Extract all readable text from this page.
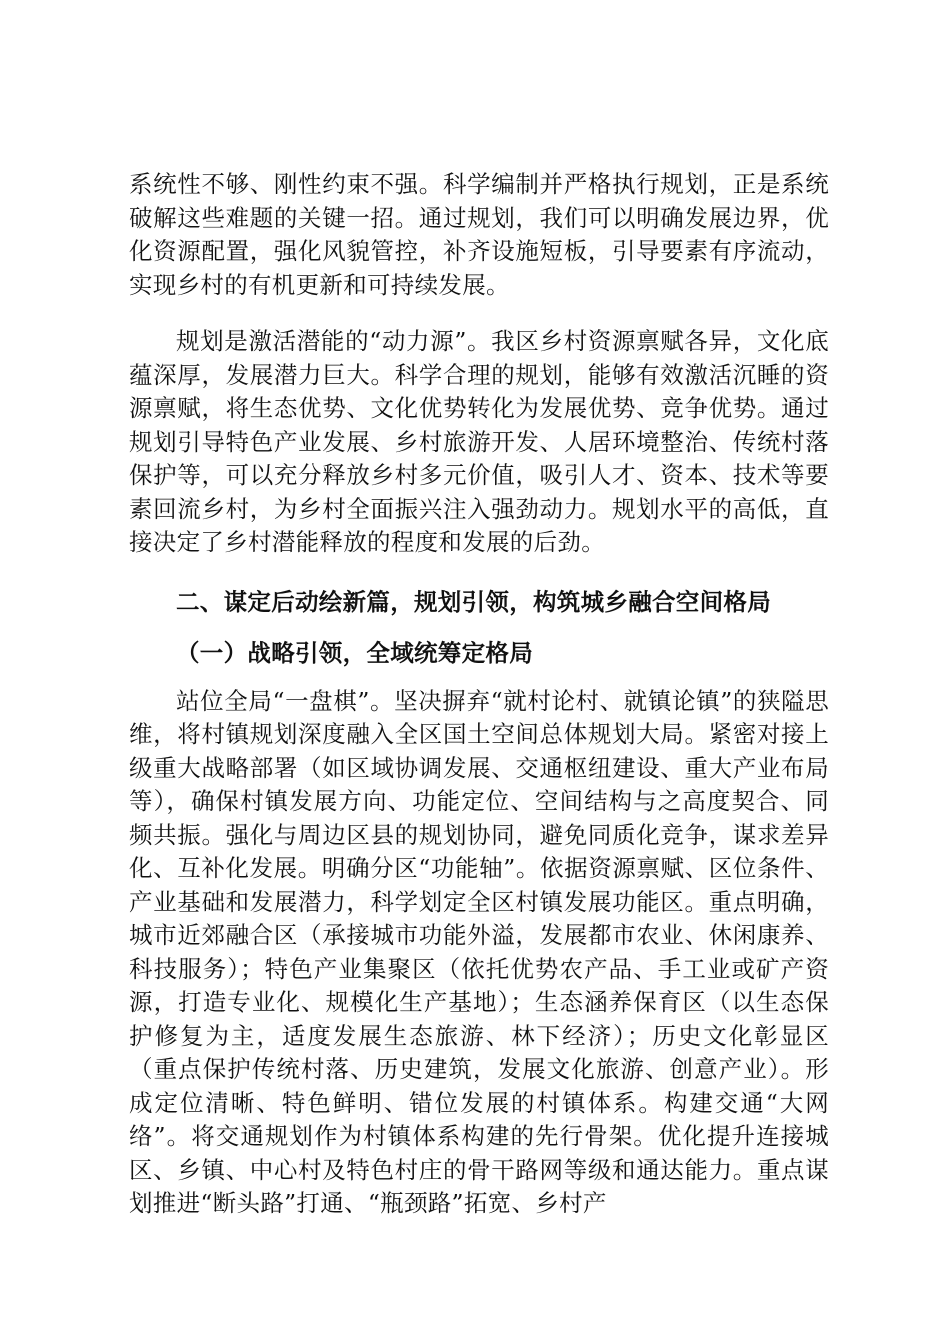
系统性不够、刚性约束不强。科学编制并严格执行规划，正是系统破解这些难题的关键一招。通过规划，我们可以明确发展边界，优化资源配置，强化风貌管控，补齐设施短板，引导要素有序流动，实现乡村的有机更新和可持续发展。

规划是激活潜能的“动力源”。我区乡村资源禀赋各异，文化底蕴深厚，发展潜力巨大。科学合理的规划，能够有效激活沉睡的资源禀赋，将生态优势、文化优势转化为发展优势、竞争优势。通过规划引导特色产业发展、乡村旅游开发、人居环境整治、传统村落保护等，可以充分释放乡村多元价值，吸引人才、资本、技术等要素回流乡村，为乡村全面振兴注入强劲动力。规划水平的高低，直接决定了乡村潜能释放的程度和发展的后劲。

二、谋定后动绘新篇，规划引领，构筑城乡融合空间格局
（一）战略引领，全域统筹定格局

站位全局“一盘棋”。坚决摒弃“就村论村、就镇论镇”的狭隘思维，将村镇规划深度融入全区国土空间总体规划大局。紧密对接上级重大战略部署（如区域协调发展、交通枢纽建设、重大产业布局等），确保村镇发展方向、功能定位、空间结构与之高度契合、同频共振。强化与周边区县的规划协同，避免同质化竞争，谋求差异化、互补化发展。明确分区“功能轴”。依据资源禀赋、区位条件、产业基础和发展潜力，科学划定全区村镇发展功能区。重点明确，城市近郊融合区（承接城市功能外溢，发展都市农业、休闲康养、科技服务）；特色产业集聚区（依托优势农产品、手工业或矿产资源，打造专业化、规模化生产基地）；生态涵养保育区（以生态保护修复为主，适度发展生态旅游、林下经济）；历史文化彰显区（重点保护传统村落、历史建筑，发展文化旅游、创意产业）。形成定位清晰、特色鲜明、错位发展的村镇体系。构建交通“大网络”。将交通规划作为村镇体系构建的先行骨架。优化提升连接城区、乡镇、中心村及特色村庄的骨干路网等级和通达能力。重点谋划推进“断头路”打通、“瓶颈路”拓宽、乡村产
